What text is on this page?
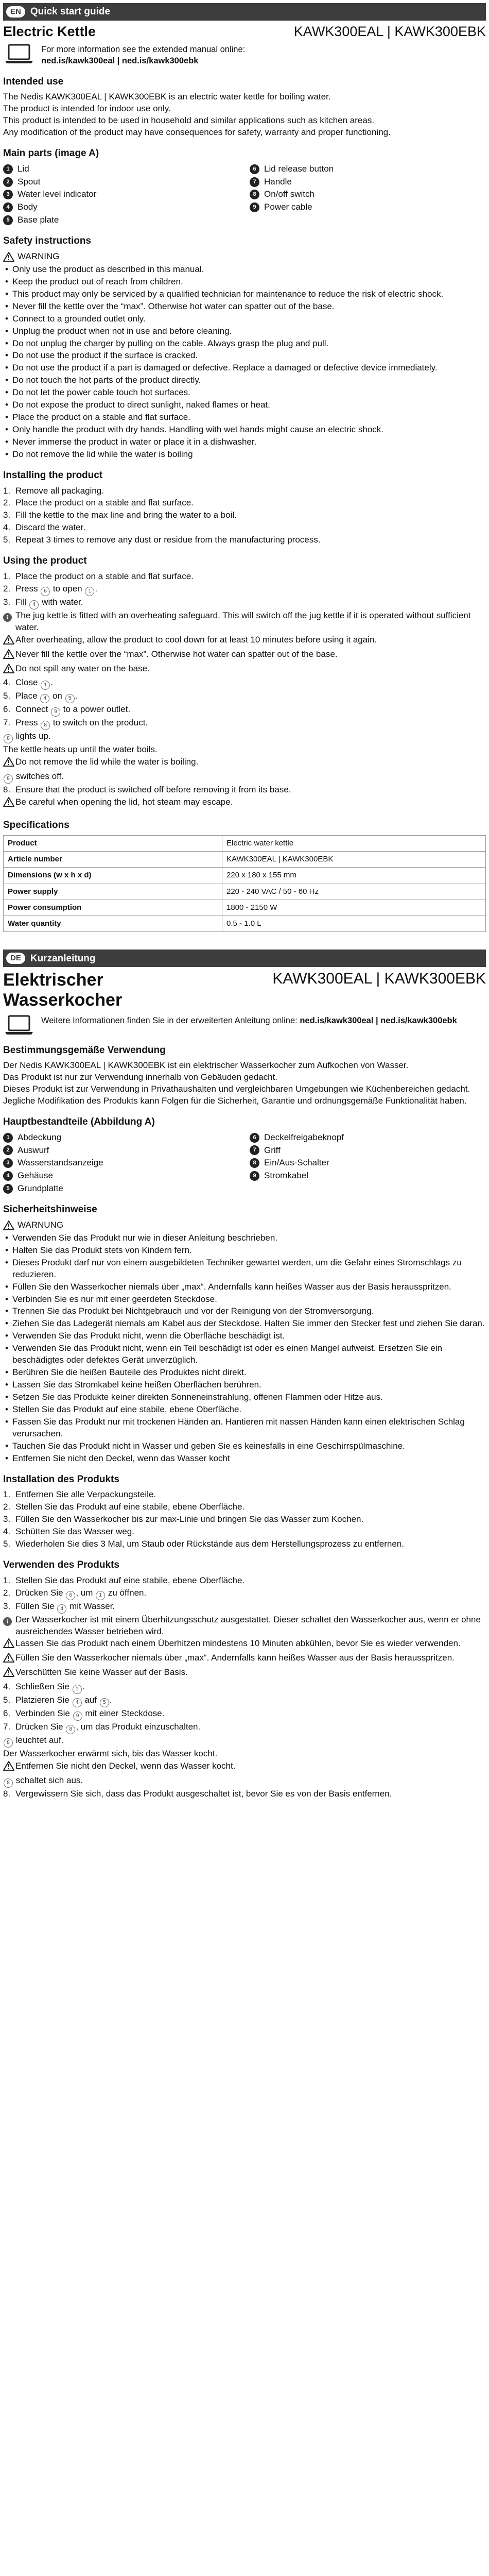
EN Quick start guide
Electric Kettle	KAWK300EAL | KAWK300EBK
For more information see the extended manual online:
ned.is/kawk300eal | ned.is/kawk300ebk
Intended use

The Nedis KAWK300EAL | KAWK300EBK is an electric water kettle for boiling water.

The product is intended for indoor use only.

This product is intended to be used in household and similar applications such as kitchen areas.

Any modification of the product may have consequences for safety, warranty and proper functioning.

Main parts (image A)
1 Lid	6 Lid release button
2 Spout	7 Handle
3 Water level indicator	8 On/off switch
4 Body	9 Power cable
5 Base plate
Safety instructions
WARNING
• Only use the product as described in this manual.
• Keep the product out of reach from children.
• This product may only be serviced by a qualified technician for maintenance to reduce the risk of electric shock.
• Never fill the kettle over the “max”. Otherwise hot water can spatter out of the base.
• Connect to a grounded outlet only.
• Unplug the product when not in use and before cleaning.
• Do not unplug the charger by pulling on the cable. Always grasp the plug and pull.
• Do not use the product if the surface is cracked.
• Do not use the product if a part is damaged or defective. Replace a damaged or defective device immediately.
• Do not touch the hot parts of the product directly.
• Do not let the power cable touch hot surfaces.
• Do not expose the product to direct sunlight, naked flames or heat.
• Place the product on a stable and flat surface.
• Only handle the product with dry hands. Handling with wet hands might cause an electric shock.
• Never immerse the product in water or place it in a dishwasher.
• Do not remove the lid while the water is boiling
Installing the product
1. Remove all packaging.
2. Place the product on a stable and flat surface.
3. Fill the kettle to the max line and bring the water to a boil.
4. Discard the water.
5. Repeat 3 times to remove any dust or residue from the manufacturing process.
Using the product
1. Place the product on a stable and flat surface.
2. Press 6 to open 1 .
3. Fill 4 with water.
i The jug kettle is fitted with an overheating safeguard. This will switch off the jug kettle if it is operated without sufficient water.
After overheating, allow the product to cool down for at least 10 minutes before using it again.
Never fill the kettle over the “max”. Otherwise hot water can spatter out of the base.
Do not spill any water on the base.
4. Close 1 .
5. Place 4 on 5 .
6. Connect 9 to a power outlet.
7. Press 8 to switch on the product.
8 lights up.
The kettle heats up until the water boils.
Do not remove the lid while the water is boiling.
8 switches off.
8. Ensure that the product is switched off before removing it from its base.
Be careful when opening the lid, hot steam may escape.
Specifications
Product	Electric water kettle
Article number	KAWK300EAL | KAWK300EBK
Dimensions (w x h x d)	220 x 180 x 155 mm
Power supply	220 - 240 VAC / 50 - 60 Hz
Power consumption	1800 - 2150 W
Water quantity	0.5 - 1.0 L
DE Kurzanleitung
Elektrischer Wasserkocher
KAWK300EAL | KAWK300EBK
Weitere Informationen finden Sie in der erweiterten Anleitung online: ned.is/kawk300eal | ned.is/kawk300ebk
Bestimmungsgemäße Verwendung

Der Nedis KAWK300EAL | KAWK300EBK ist ein elektrischer Wasserkocher zum Aufkochen von Wasser.

Das Produkt ist nur zur Verwendung innerhalb von Gebäuden gedacht.

Dieses Produkt ist zur Verwendung in Privathaushalten und vergleichbaren Umgebungen wie Küchenbereichen gedacht.

Jegliche Modifikation des Produkts kann Folgen für die Sicherheit, Garantie und ordnungsgemäße Funktionalität haben.

Hauptbestandteile (Abbildung A)
1 Abdeckung	6 Deckelfreigabeknopf
2 Auswurf	7 Griff
3 Wasserstandsanzeige	8 Ein/Aus-Schalter
4 Gehäuse	9 Stromkabel
5 Grundplatte
Sicherheitshinweise
WARNUNG
• Verwenden Sie das Produkt nur wie in dieser Anleitung beschrieben.
• Halten Sie das Produkt stets von Kindern fern.
• Dieses Produkt darf nur von einem ausgebildeten Techniker gewartet werden, um die Gefahr eines Stromschlags zu reduzieren.
• Füllen Sie den Wasserkocher niemals über „max“. Andernfalls kann heißes Wasser aus der Basis herausspritzen.
• Verbinden Sie es nur mit einer geerdeten Steckdose.
• Trennen Sie das Produkt bei Nichtgebrauch und vor der Reinigung von der Stromversorgung.
• Ziehen Sie das Ladegerät niemals am Kabel aus der Steckdose. Halten Sie immer den Stecker fest und ziehen Sie daran.
• Verwenden Sie das Produkt nicht, wenn die Oberfläche beschädigt ist.
• Verwenden Sie das Produkt nicht, wenn ein Teil beschädigt ist oder es einen Mangel aufweist. Ersetzen Sie ein beschädigtes oder defektes Gerät unverzüglich.
• Berühren Sie die heißen Bauteile des Produktes nicht direkt.
• Lassen Sie das Stromkabel keine heißen Oberflächen berühren.
• Setzen Sie das Produkte keiner direkten Sonneneinstrahlung, offenen Flammen oder Hitze aus.
• Stellen Sie das Produkt auf eine stabile, ebene Oberfläche.
• Fassen Sie das Produkt nur mit trockenen Händen an. Hantieren mit nassen Händen kann einen elektrischen Schlag verursachen.
• Tauchen Sie das Produkt nicht in Wasser und geben Sie es keinesfalls in eine Geschirrspülmaschine.
• Entfernen Sie nicht den Deckel, wenn das Wasser kocht
Installation des Produkts
1. Entfernen Sie alle Verpackungsteile.
2. Stellen Sie das Produkt auf eine stabile, ebene Oberfläche.
3. Füllen Sie den Wasserkocher bis zur max-Linie und bringen Sie das Wasser zum Kochen.
4. Schütten Sie das Wasser weg.
5. Wiederholen Sie dies 3 Mal, um Staub oder Rückstände aus dem Herstellungsprozess zu entfernen.
Verwenden des Produkts
1. Stellen Sie das Produkt auf eine stabile, ebene Oberfläche.
2. Drücken Sie 6 , um 1 zu öffnen.
3. Füllen Sie 4 mit Wasser.
i Der Wasserkocher ist mit einem Überhitzungsschutz ausgestattet. Dieser schaltet den Wasserkocher aus, wenn er ohne ausreichendes Wasser betrieben wird.
Lassen Sie das Produkt nach einem Überhitzen mindestens 10 Minuten abkühlen, bevor Sie es wieder verwenden.
Füllen Sie den Wasserkocher niemals über „max“. Andernfalls kann heißes Wasser aus der Basis herausspritzen.
Verschütten Sie keine Wasser auf der Basis.
4. Schließen Sie 1 .
5. Platzieren Sie 4 auf 5 .
6. Verbinden Sie 9 mit einer Steckdose.
7. Drücken Sie 8 , um das Produkt einzuschalten.
8 leuchtet auf.
Der Wasserkocher erwärmt sich, bis das Wasser kocht.
Entfernen Sie nicht den Deckel, wenn das Wasser kocht.
8 schaltet sich aus.
8. Vergewissern Sie sich, dass das Produkt ausgeschaltet ist, bevor Sie es von der Basis entfernen.
